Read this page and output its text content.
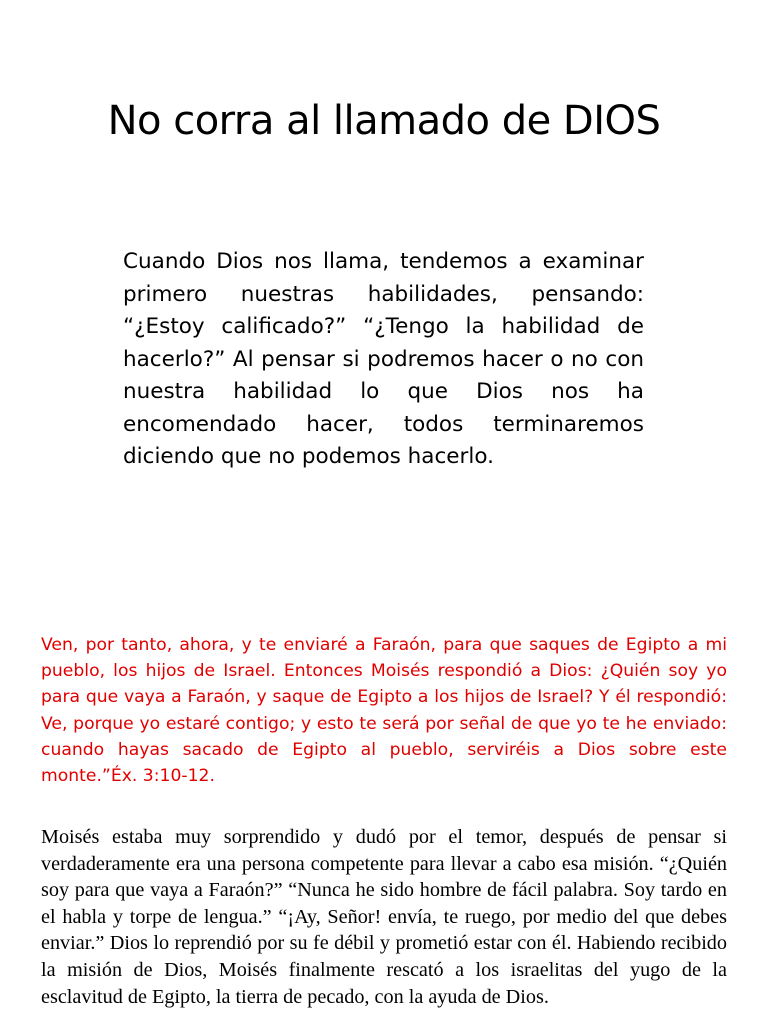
No corra al llamado de DIOS

Cuando Dios nos llama, tendemos a examinar primero nuestras habilidades, pensando: “¿Estoy calificado?” “¿Tengo la habilidad de hacerlo?” Al pensar si podremos hacer o no con nuestra habilidad lo que Dios nos ha encomendado hacer, todos terminaremos diciendo que no podemos hacerlo.

Ven, por tanto, ahora, y te enviaré a Faraón, para que saques de Egipto a mi pueblo, los hijos de Israel. Entonces Moisés respondió a Dios: ¿Quién soy yo para que vaya a Faraón, y saque de Egipto a los hijos de Israel? Y él respondió: Ve, porque yo estaré contigo; y esto te será por señal de que yo te he enviado: cuando hayas sacado de Egipto al pueblo, serviréis a Dios sobre este monte.”Éx. 3:10-12.

Moisés estaba muy sorprendido y dudó por el temor, después de pensar si verdaderamente era una persona competente para llevar a cabo esa misión. “¿Quién soy para que vaya a Faraón?” “Nunca he sido hombre de fácil palabra. Soy tardo en el habla y torpe de lengua.” “¡Ay, Señor! envía, te ruego, por medio del que debes enviar.” Dios lo reprendió por su fe débil y prometió estar con él. Habiendo recibido la misión de Dios, Moisés finalmente rescató a los israelitas del yugo de la esclavitud de Egipto, la tierra de pecado, con la ayuda de Dios.
